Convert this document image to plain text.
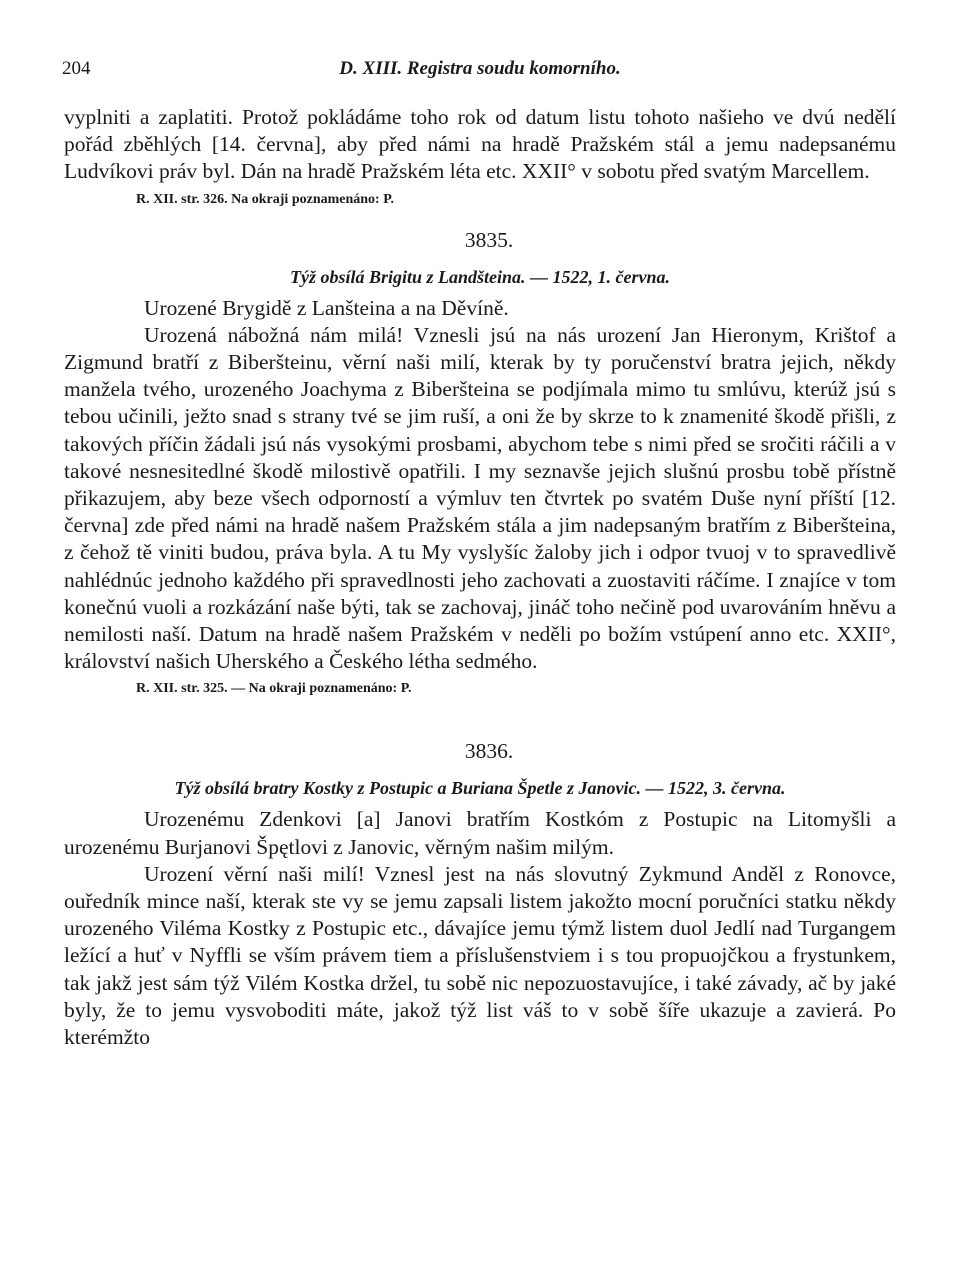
204	D. XIII. Registra soudu komorního.

vyplniti a zaplatiti. Protož pokládáme toho rok od datum listu tohoto našieho ve dvú nedělí pořád zběhlých [14. června], aby před námi na hradě Pražském stál a jemu nadepsanému Ludvíkovi práv byl. Dán na hradě Pražském léta etc. XXII° v sobotu před svatým Marcellem.

R. XII. str. 326. Na okraji poznamenáno: P.
3835.
Týž obsílá Brigitu z Landšteina. — 1522, 1. června.

Urozené Brygidě z Lanšteina a na Děvíně.

Urozená nábožná nám milá! Vznesli jsú na nás urození Jan Hieronym, Krištof a Zigmund bratří z Biberšteinu, věrní naši milí, kterak by ty poručenství bratra jejich, někdy manžela tvého, urozeného Joachyma z Biberšteina se podjímala mimo tu smlúvu, kterúž jsú s tebou učinili, ježto snad s strany tvé se jim ruší, a oni že by skrze to k znamenité škodě přišli, z takových příčin žádali jsú nás vysokými prosbami, abychom tebe s nimi před se sročiti ráčili a v takové nesnesitedlné škodě milostivě opatřili. I my seznavše jejich slušnú prosbu tobě přístně přikazujem, aby beze všech odporností a výmluv ten čtvrtek po svatém Duše nyní příští [12. června] zde před námi na hradě našem Pražském stála a jim nadepsaným bratřím z Biberšteina, z čehož tě viniti budou, práva byla. A tu My vyslyšíc žaloby jich i odpor tvuoj v to spravedlivě nahlédnúc jednoho každého při spravedlnosti jeho zachovati a zuostaviti ráčíme. I znajíce v tom konečnú vuoli a rozkázání naše býti, tak se zachovaj, jináč toho nečině pod uvarováním hněvu a nemilosti naší. Datum na hradě našem Pražském v neděli po božím vstúpení anno etc. XXII°, království našich Uherského a Českého létha sedmého.

R. XII. str. 325. — Na okraji poznamenáno: P.
3836.
Týž obsílá bratry Kostky z Postupic a Buriana Špetle z Janovic. — 1522, 3. června.

Urozenému Zdenkovi [a] Janovi bratřím Kostkóm z Postupic na Litomyšli a urozenému Burjanovi Špętlovi z Janovic, věrným našim milým.

Urození věrní naši milí! Vznesl jest na nás slovutný Zykmund Anděl z Ronovce, ouředník mince naší, kterak ste vy se jemu zapsali listem jakožto mocní poručníci statku někdy urozeného Viléma Kostky z Postupic etc., dávajíce jemu týmž listem duol Jedlí nad Turgangem ležící a huť v Nyffli se vším právem tiem a příslušenstviem i s tou propuojčkou a frystunkem, tak jakž jest sám týž Vilém Kostka držel, tu sobě nic nepozuostavujíce, i také závady, ač by jaké byly, že to jemu vysvoboditi máte, jakož týž list váš to v sobě šíře ukazuje a zavierá. Po kterémžto
